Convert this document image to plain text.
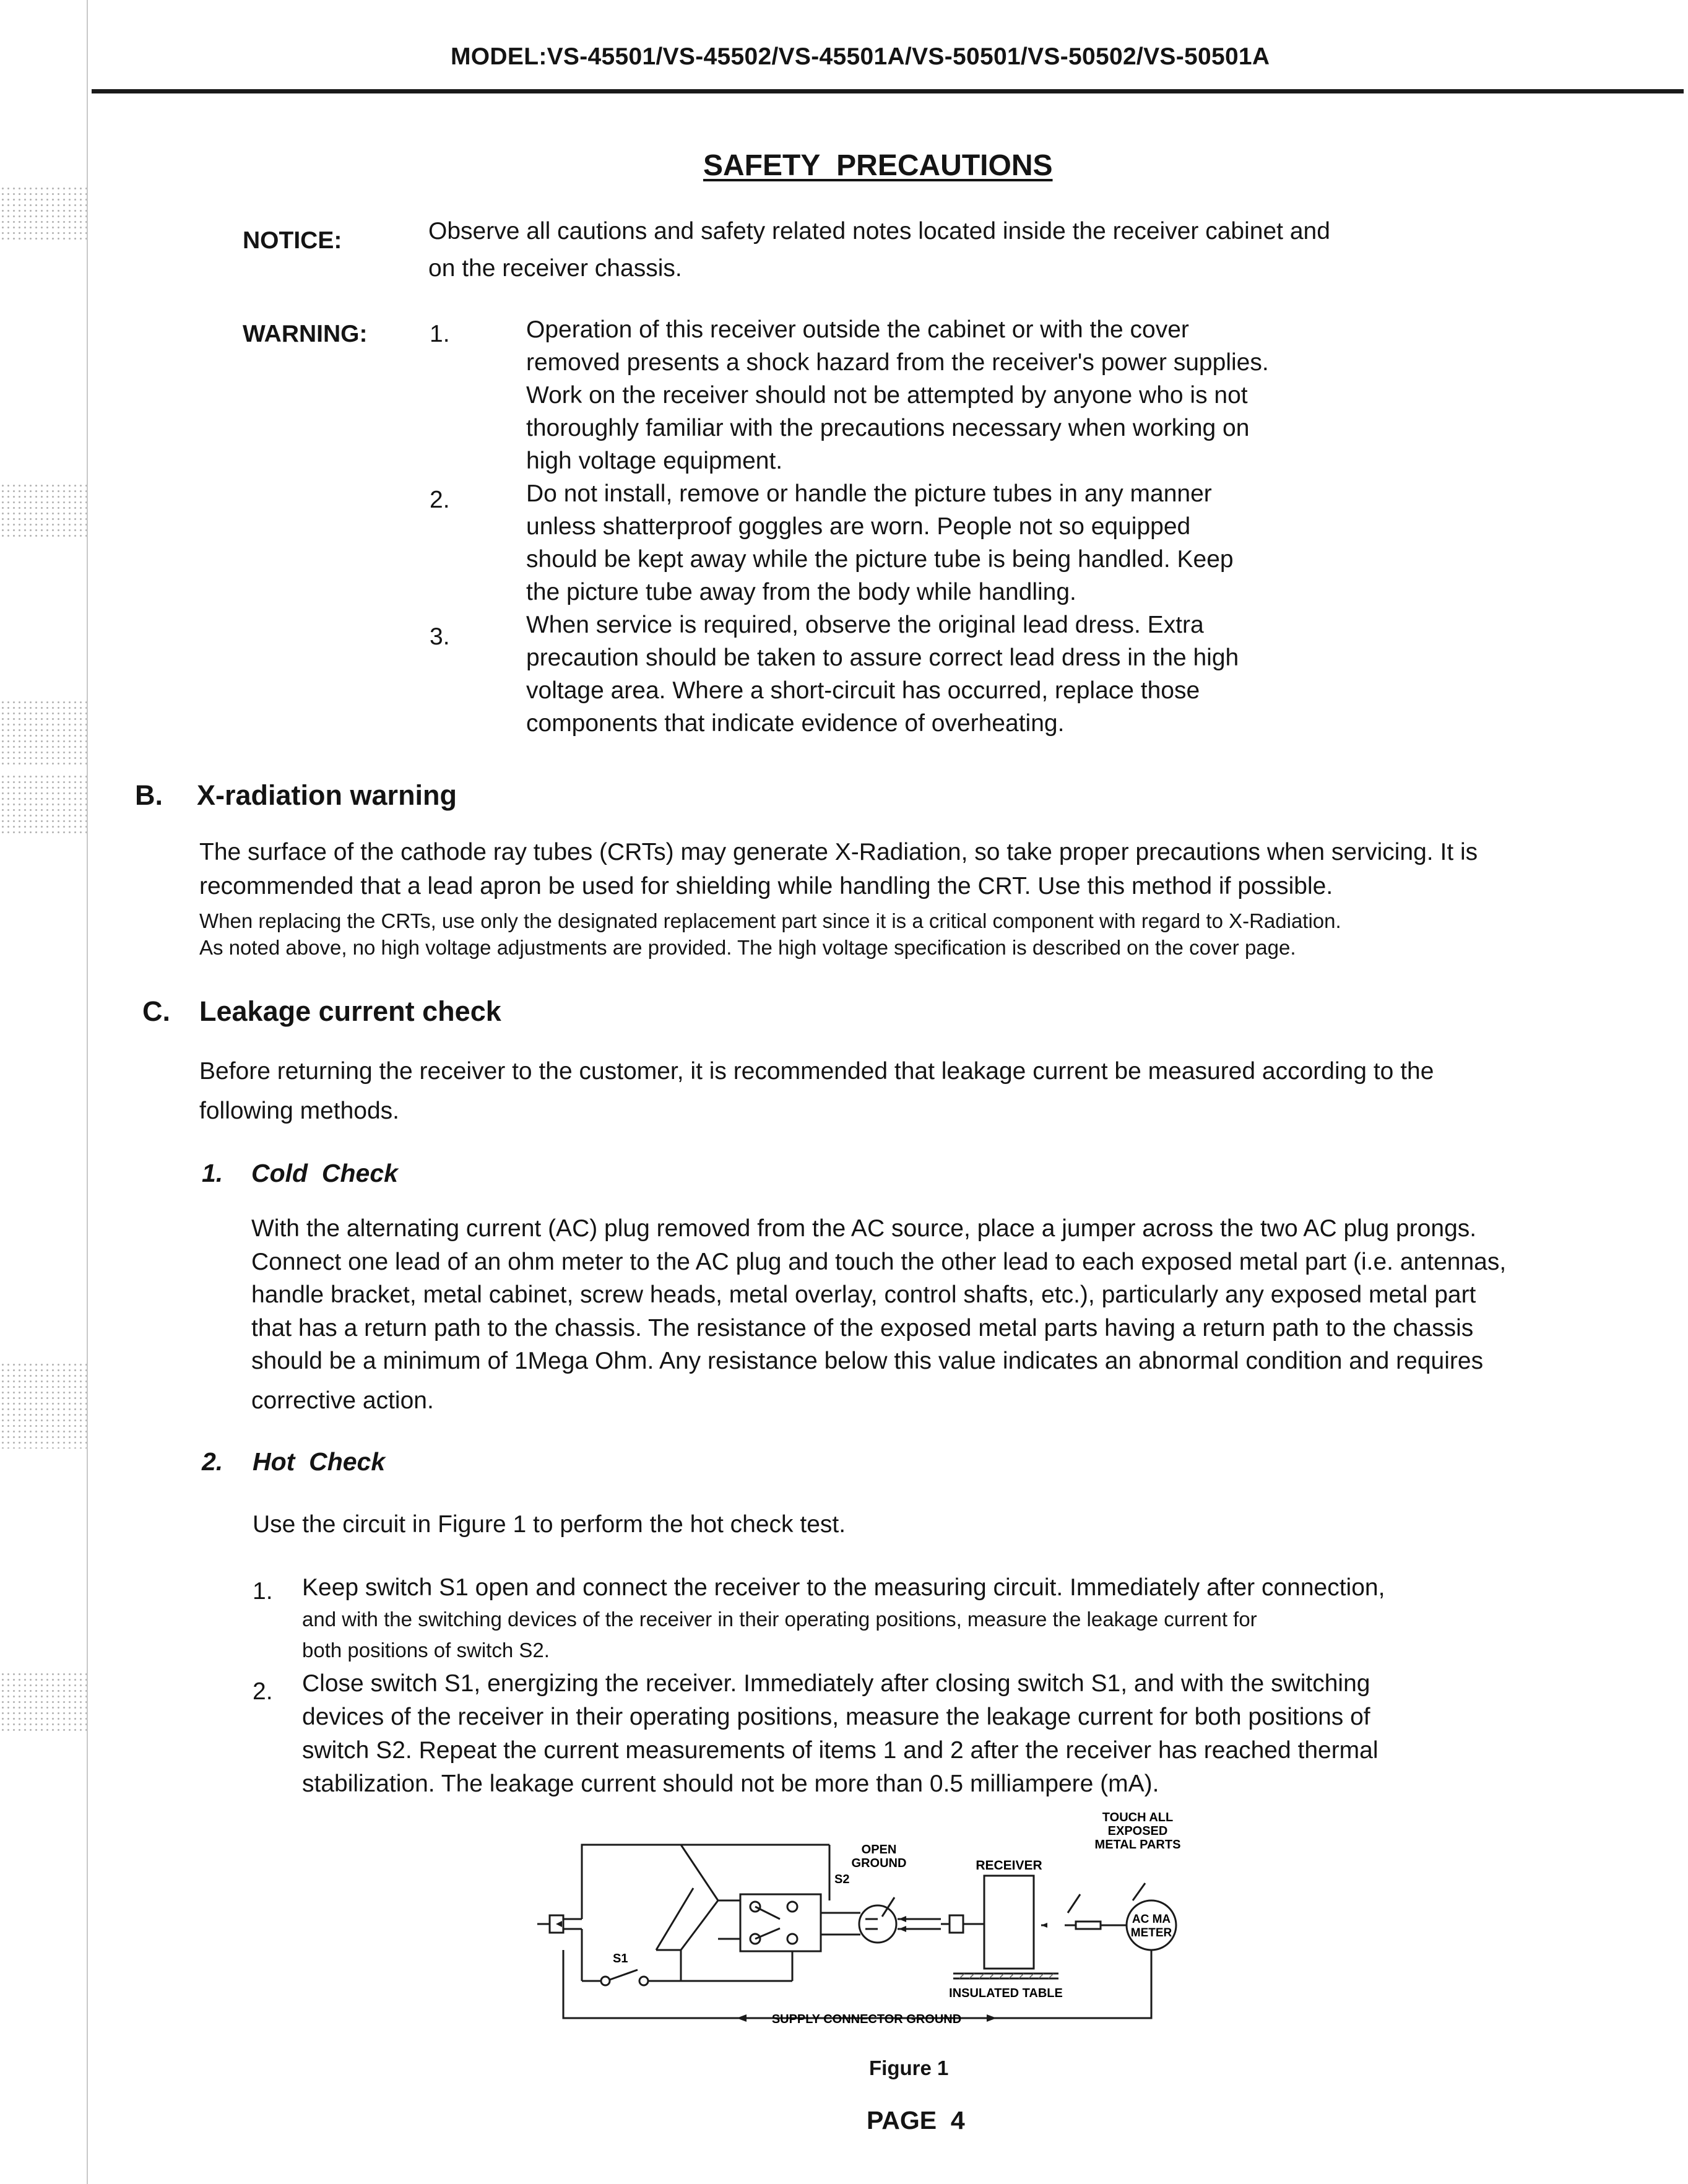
MODEL:VS-45501/VS-45502/VS-45501A/VS-50501/VS-50502/VS-50501A
SAFETY  PRECAUTIONS
NOTICE:	Observe all cautions and safety related notes located inside the receiver cabinet and
on the receiver chassis.
WARNING:	1.	Operation of this receiver outside the cabinet or with the cover
removed presents a shock hazard from the receiver's power supplies.
Work on the receiver should not be attempted by anyone who is not
thoroughly familiar with the precautions necessary when working on
high voltage equipment.
2.	Do not install, remove or handle the picture tubes in any manner
unless shatterproof goggles are worn. People not so equipped
should be kept away while the picture tube is being handled. Keep
the picture tube away from the body while handling.
3.	When service is required, observe the original lead dress. Extra
precaution should be taken to assure correct lead dress in the high
voltage area. Where a short-circuit has occurred, replace those
components that indicate evidence of overheating.
B. X-radiation warning
The surface of the cathode ray tubes (CRTs) may generate X-Radiation, so take proper precautions when servicing. It is
recommended that a lead apron be used for shielding while handling the CRT. Use this method if possible.
When replacing the CRTs, use only the designated replacement part since it is a critical component with regard to X-Radiation.
As noted above, no high voltage adjustments are provided. The high voltage specification is described on the cover page.
C. Leakage current check
Before returning the receiver to the customer, it is recommended that leakage current be measured according to the
following methods.
1. Cold  Check
With the alternating current (AC) plug removed from the AC source, place a jumper across the two AC plug prongs.
Connect one lead of an ohm meter to the AC plug and touch the other lead to each exposed metal part (i.e. antennas,
handle bracket, metal cabinet, screw heads, metal overlay, control shafts, etc.), particularly any exposed metal part
that has a return path to the chassis. The resistance of the exposed metal parts having a return path to the chassis
should be a minimum of 1Mega Ohm. Any resistance below this value indicates an abnormal condition and requires
corrective action.
2. Hot  Check
Use the circuit in Figure 1 to perform the hot check test.
1. Keep switch S1 open and connect the receiver to the measuring circuit. Immediately after connection,
and with the switching devices of the receiver in their operating positions, measure the leakage current for
both positions of switch S2.
2. Close switch S1, energizing the receiver. Immediately after closing switch S1, and with the switching
devices of the receiver in their operating positions, measure the leakage current for both positions of
switch S2. Repeat the current measurements of items 1 and 2 after the receiver has reached thermal
stabilization. The leakage current should not be more than 0.5 milliampere (mA).
TOUCH ALL
EXPOSED
METAL PARTS
OPEN
GROUND
S2
S1
RECEIVER
AC MA
METER
INSULATED TABLE
SUPPLY CONNECTOR GROUND
Figure 1
PAGE  4
